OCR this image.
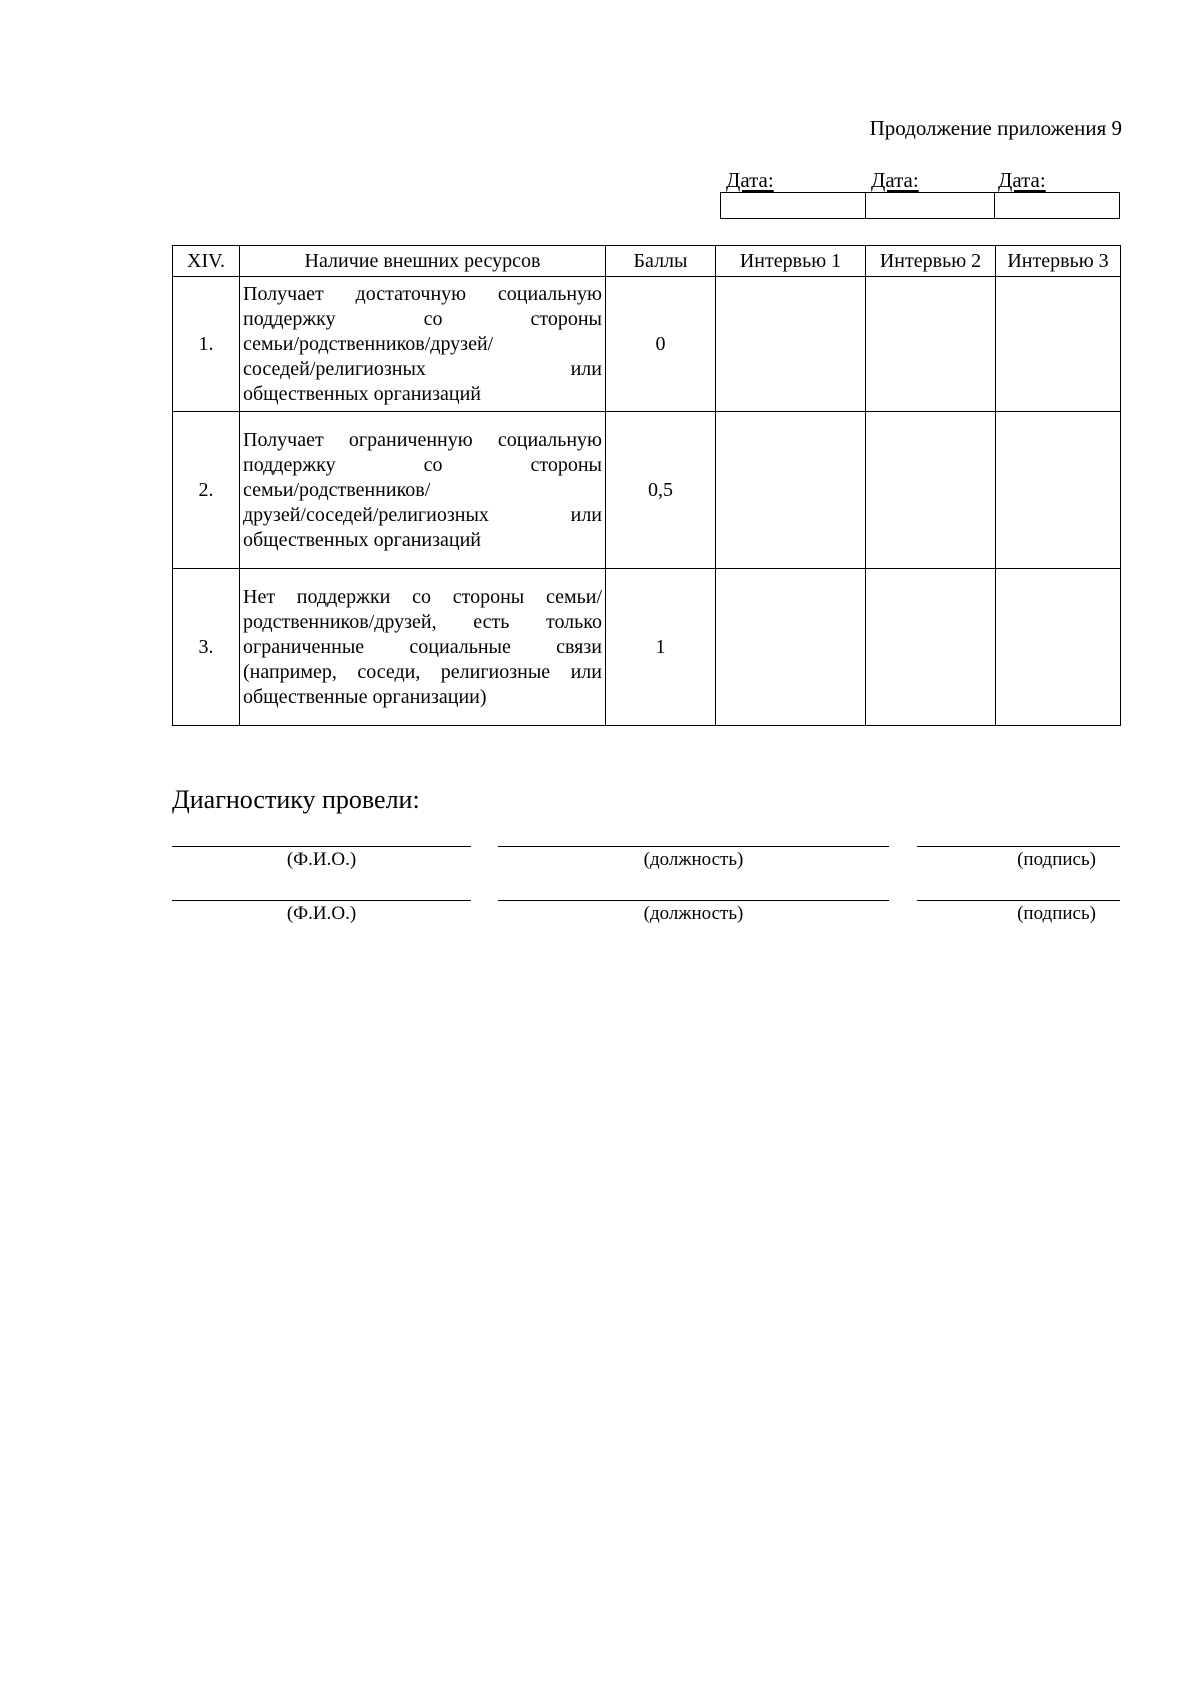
Продолжение приложения 9
Дата:	Дата:	Дата:
XIV.	Наличие внешних ресурсов	Баллы	Интервью 1	Интервью 2	Интервью 3
1.	Получает достаточную социальную
поддержку со стороны
семьи/родственников/друзей/
соседей/религиозных или
общественных организаций	0			
2.	Получает ограниченную социальную
поддержку со стороны
семьи/родственников/
друзей/соседей/религиозных или
общественных организаций	0,5			
3.	Нет поддержки со стороны семьи/
родственников/друзей, есть только
ограниченные социальные связи
(например, соседи, религиозные или
общественные организации)	1			
Диагностику провели:
(Ф.И.О.)	(должность)	(подпись)
(Ф.И.О.)	(должность)	(подпись)
